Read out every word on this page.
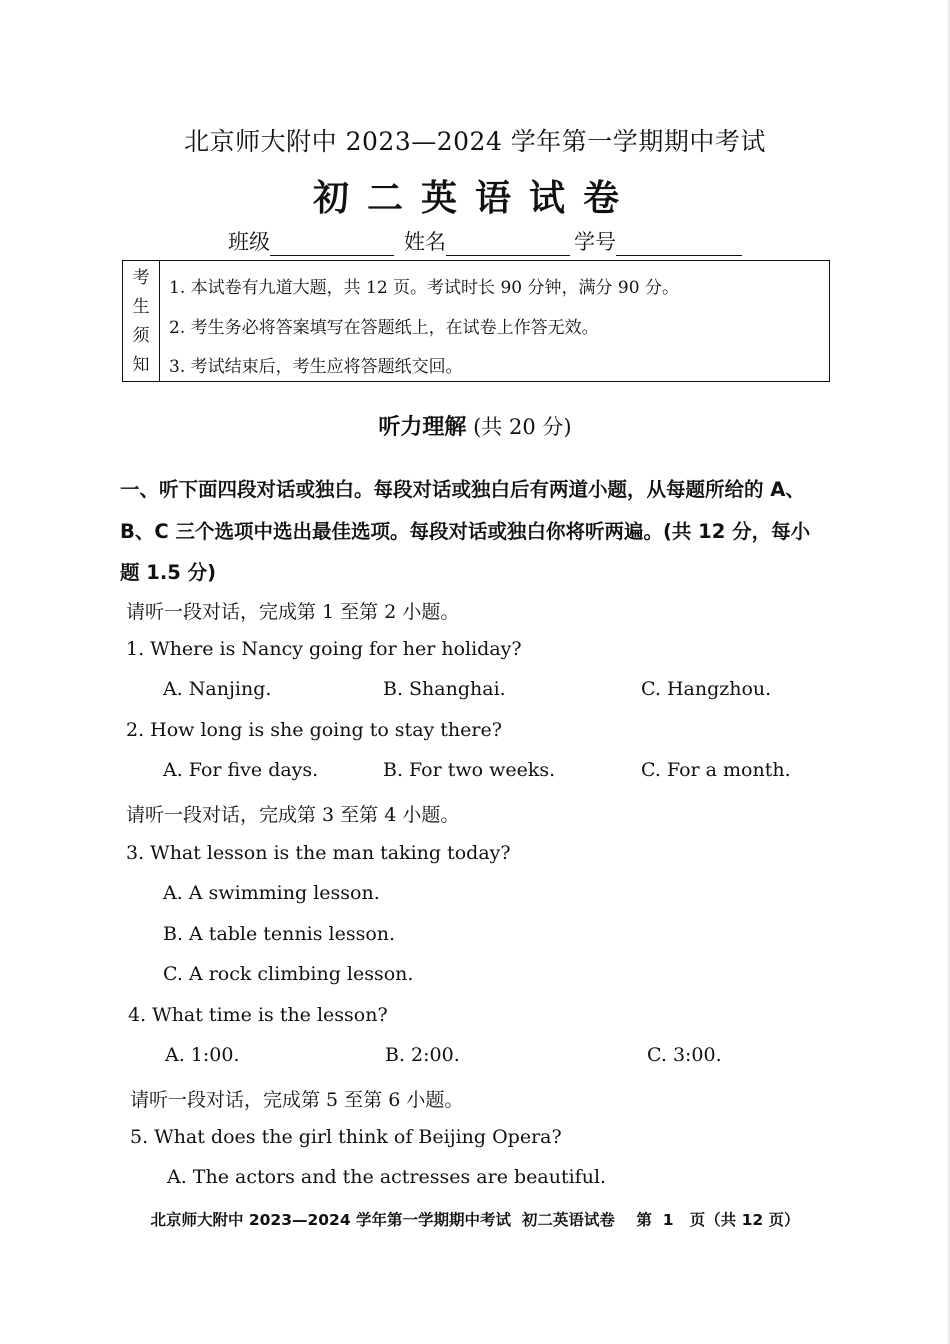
北京师大附中 2023—2024 学年第一学期期中考试
初二英语试卷
班级	姓名	学号
考
生
须
知
1. 本试卷有九道大题，共 12 页。考试时长 90 分钟，满分 90 分。
2. 考生务必将答案填写在答题纸上，在试卷上作答无效。
3. 考试结束后，考生应将答题纸交回。
听力理解 (共 20 分)
一、听下面四段对话或独白。每段对话或独白后有两道小题，从每题所给的 A、
B、C 三个选项中选出最佳选项。每段对话或独白你将听两遍。(共 12 分，每小
题 1.5 分)
请听一段对话，完成第 1 至第 2 小题。
1. Where is Nancy going for her holiday?
A. Nanjing.	B. Shanghai.	C. Hangzhou.
2. How long is she going to stay there?
A. For five days.	B. For two weeks.	C. For a month.
请听一段对话，完成第 3 至第 4 小题。
3. What lesson is the man taking today?
A. A swimming lesson.
B. A table tennis lesson.
C. A rock climbing lesson.
4. What time is the lesson?
A. 1:00.	B. 2:00.	C. 3:00.
请听一段对话，完成第 5 至第 6 小题。
5. What does the girl think of Beijing Opera?
A. The actors and the actresses are beautiful.
北京师大附中 2023—2024 学年第一学期期中考试  初二英语试卷    第  1   页（共 12 页）
